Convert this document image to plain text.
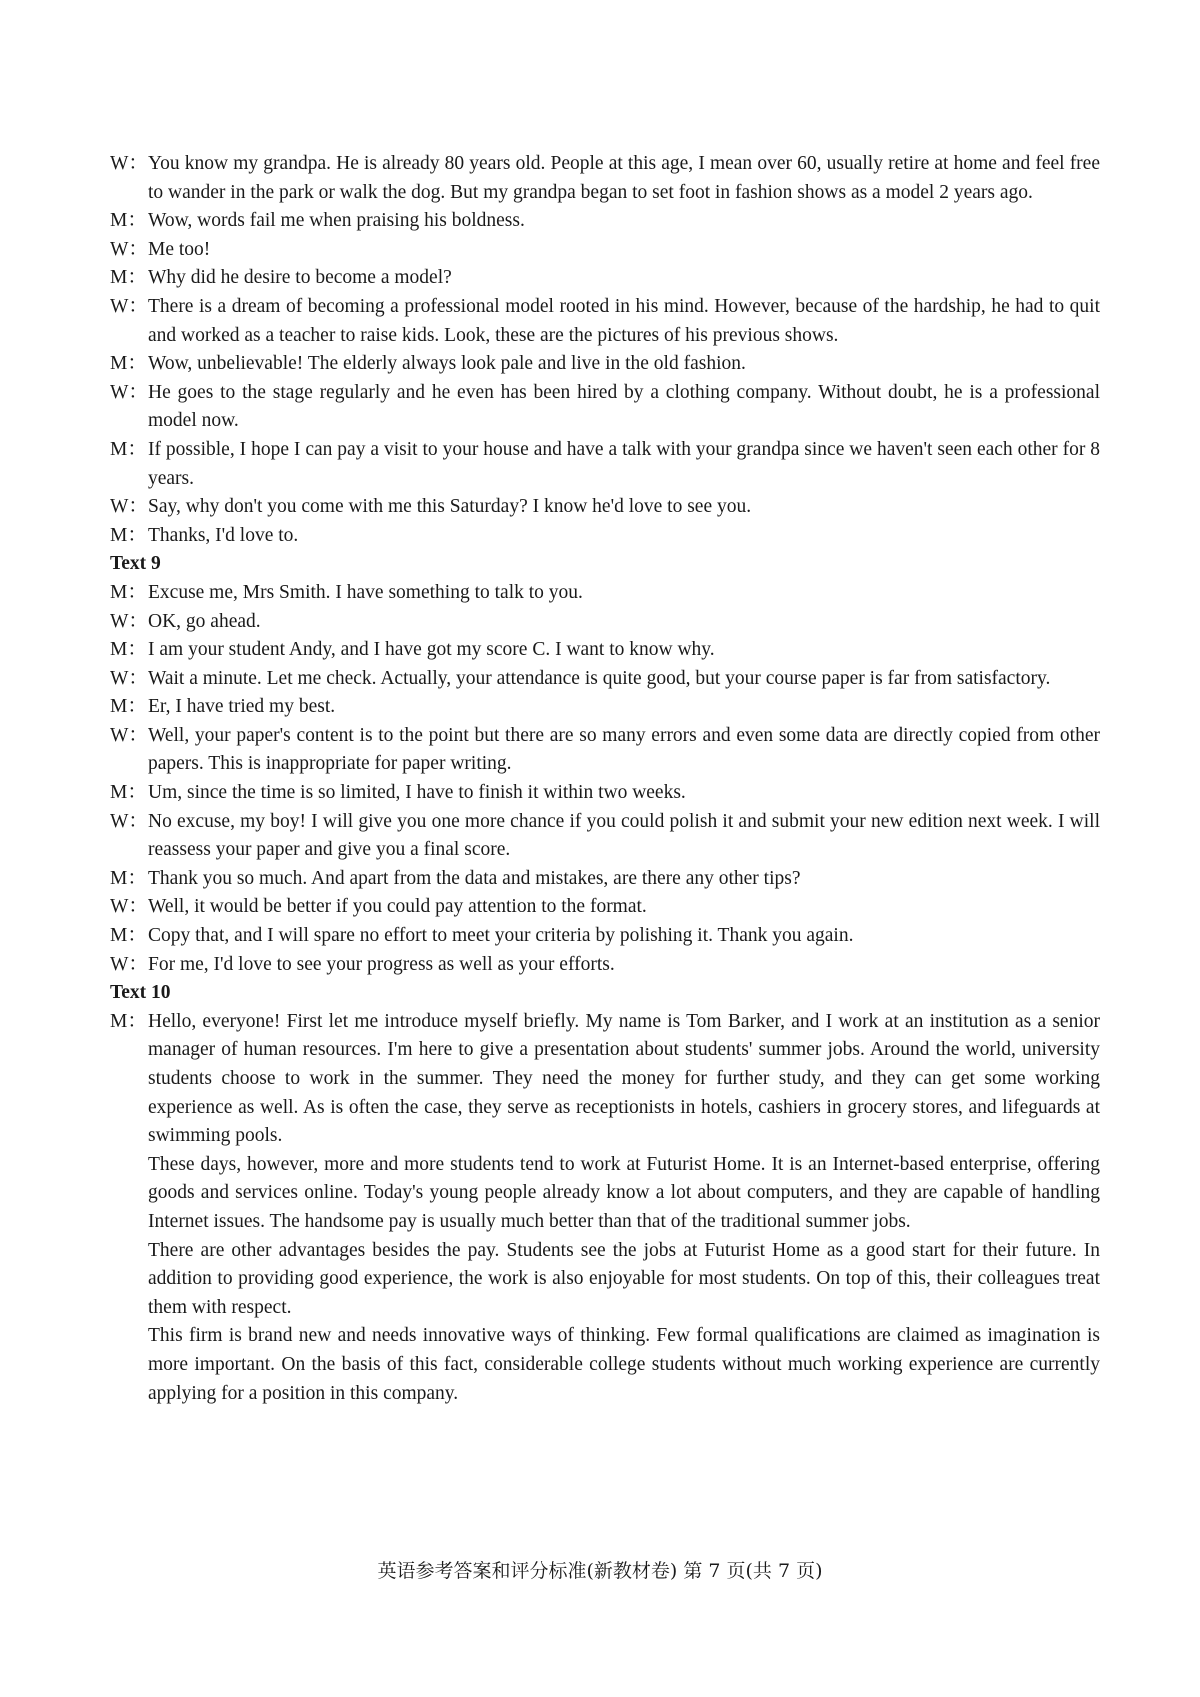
W： You know my grandpa. He is already 80 years old. People at this age, I mean over 60, usually retire at home and feel free to wander in the park or walk the dog. But my grandpa began to set foot in fashion shows as a model 2 years ago.
M： Wow, words fail me when praising his boldness.
W： Me too!
M： Why did he desire to become a model?
W： There is a dream of becoming a professional model rooted in his mind. However, because of the hardship, he had to quit and worked as a teacher to raise kids. Look, these are the pictures of his previous shows.
M： Wow, unbelievable! The elderly always look pale and live in the old fashion.
W： He goes to the stage regularly and he even has been hired by a clothing company. Without doubt, he is a professional model now.
M： If possible, I hope I can pay a visit to your house and have a talk with your grandpa since we haven't seen each other for 8 years.
W： Say, why don't you come with me this Saturday? I know he'd love to see you.
M： Thanks, I'd love to.
Text 9
M： Excuse me, Mrs Smith. I have something to talk to you.
W： OK, go ahead.
M： I am your student Andy, and I have got my score C. I want to know why.
W： Wait a minute. Let me check. Actually, your attendance is quite good, but your course paper is far from satisfactory.
M： Er, I have tried my best.
W： Well, your paper's content is to the point but there are so many errors and even some data are directly copied from other papers. This is inappropriate for paper writing.
M： Um, since the time is so limited, I have to finish it within two weeks.
W： No excuse, my boy! I will give you one more chance if you could polish it and submit your new edition next week. I will reassess your paper and give you a final score.
M： Thank you so much. And apart from the data and mistakes, are there any other tips?
W： Well, it would be better if you could pay attention to the format.
M： Copy that, and I will spare no effort to meet your criteria by polishing it. Thank you again.
W： For me, I'd love to see your progress as well as your efforts.
Text 10
M： Hello, everyone! First let me introduce myself briefly. My name is Tom Barker, and I work at an institution as a senior manager of human resources. I'm here to give a presentation about students' summer jobs. Around the world, university students choose to work in the summer. They need the money for further study, and they can get some working experience as well. As is often the case, they serve as receptionists in hotels, cashiers in grocery stores, and lifeguards at swimming pools.
These days, however, more and more students tend to work at Futurist Home. It is an Internet-based enterprise, offering goods and services online. Today's young people already know a lot about computers, and they are capable of handling Internet issues. The handsome pay is usually much better than that of the traditional summer jobs.
There are other advantages besides the pay. Students see the jobs at Futurist Home as a good start for their future. In addition to providing good experience, the work is also enjoyable for most students. On top of this, their colleagues treat them with respect.
This firm is brand new and needs innovative ways of thinking. Few formal qualifications are claimed as imagination is more important. On the basis of this fact, considerable college students without much working experience are currently applying for a position in this company.
英语参考答案和评分标准(新教材卷) 第 7 页(共 7 页)
